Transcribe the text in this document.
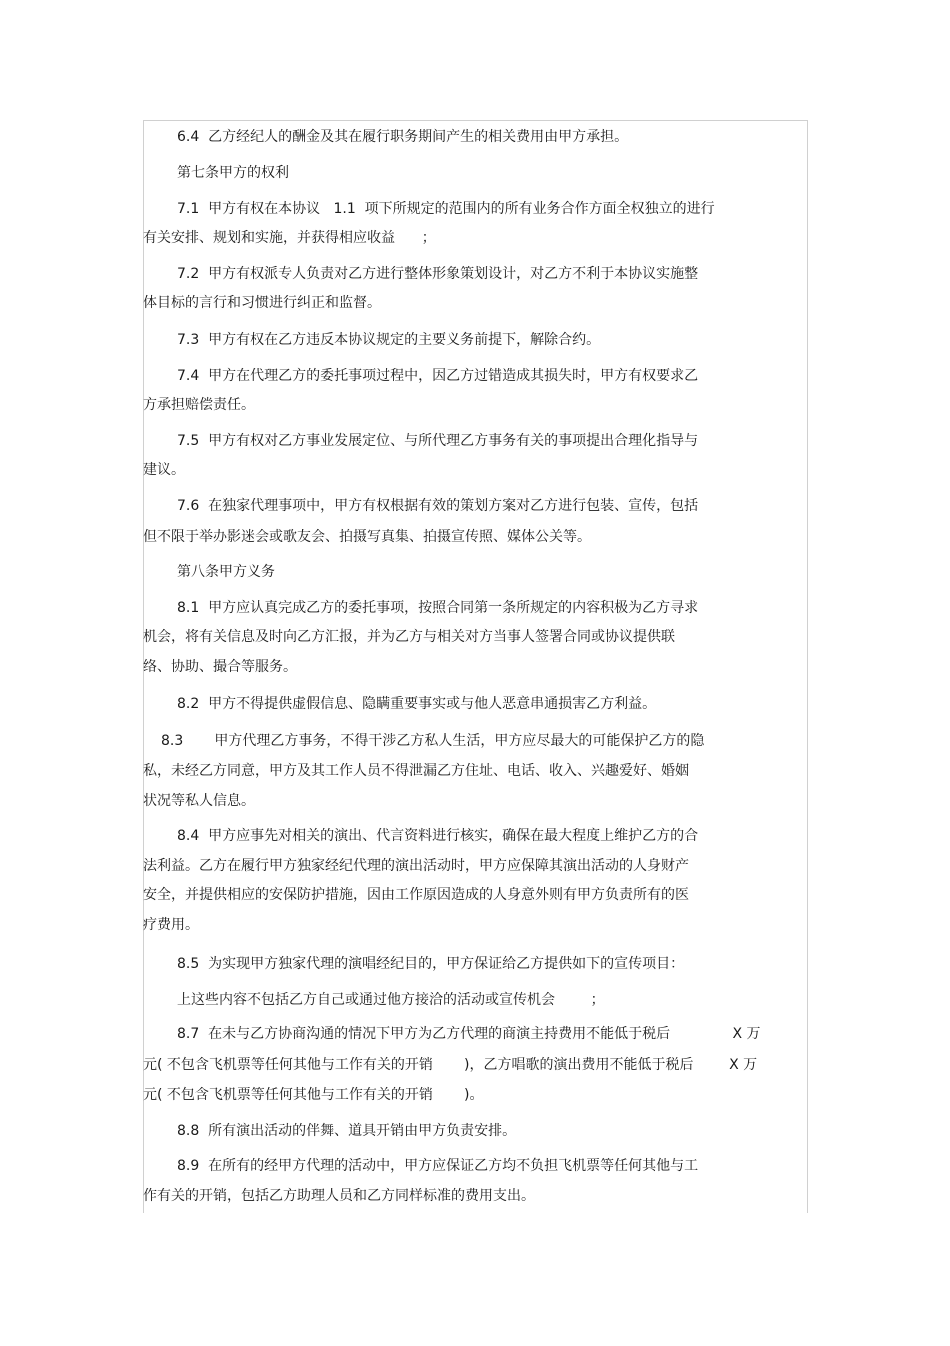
6.4  乙方经纪人的酬金及其在履行职务期间产生的相关费用由甲方承担。
第七条甲方的权利
7.1  甲方有权在本协议   1.1  项下所规定的范围内的所有业务合作方面全权独立的进行
有关安排、规划和实施，并获得相应收益      ；
7.2  甲方有权派专人负责对乙方进行整体形象策划设计，对乙方不利于本协议实施整
体目标的言行和习惯进行纠正和监督。
7.3  甲方有权在乙方违反本协议规定的主要义务前提下，解除合约。
7.4  甲方在代理乙方的委托事项过程中，因乙方过错造成其损失时，甲方有权要求乙
方承担赔偿责任。
7.5  甲方有权对乙方事业发展定位、与所代理乙方事务有关的事项提出合理化指导与
建议。
7.6  在独家代理事项中，甲方有权根据有效的策划方案对乙方进行包装、宣传，包括
但不限于举办影迷会或歌友会、拍摄写真集、拍摄宣传照、媒体公关等。
第八条甲方义务
8.1  甲方应认真完成乙方的委托事项，按照合同第一条所规定的内容积极为乙方寻求
机会，将有关信息及时向乙方汇报，并为乙方与相关对方当事人签署合同或协议提供联
络、协助、撮合等服务。
8.2  甲方不得提供虚假信息、隐瞒重要事实或与他人恶意串通损害乙方利益。
8.3       甲方代理乙方事务，不得干涉乙方私人生活，甲方应尽最大的可能保护乙方的隐
私，未经乙方同意，甲方及其工作人员不得泄漏乙方住址、电话、收入、兴趣爱好、婚姻
状况等私人信息。
8.4  甲方应事先对相关的演出、代言资料进行核实，确保在最大程度上维护乙方的合
法利益。乙方在履行甲方独家经纪代理的演出活动时，甲方应保障其演出活动的人身财产
安全，并提供相应的安保防护措施，因由工作原因造成的人身意外则有甲方负责所有的医
疗费用。
8.5  为实现甲方独家代理的演唱经纪目的，甲方保证给乙方提供如下的宣传项目：
上这些内容不包括乙方自己或通过他方接洽的活动或宣传机会        ；
8.7  在未与乙方协商沟通的情况下甲方为乙方代理的商演主持费用不能低于税后              X 万
元( 不包含飞机票等任何其他与工作有关的开销       )，乙方唱歌的演出费用不能低于税后        X 万
元( 不包含飞机票等任何其他与工作有关的开销       )。
8.8  所有演出活动的伴舞、道具开销由甲方负责安排。
8.9  在所有的经甲方代理的活动中，甲方应保证乙方均不负担飞机票等任何其他与工
作有关的开销，包括乙方助理人员和乙方同样标准的费用支出。
